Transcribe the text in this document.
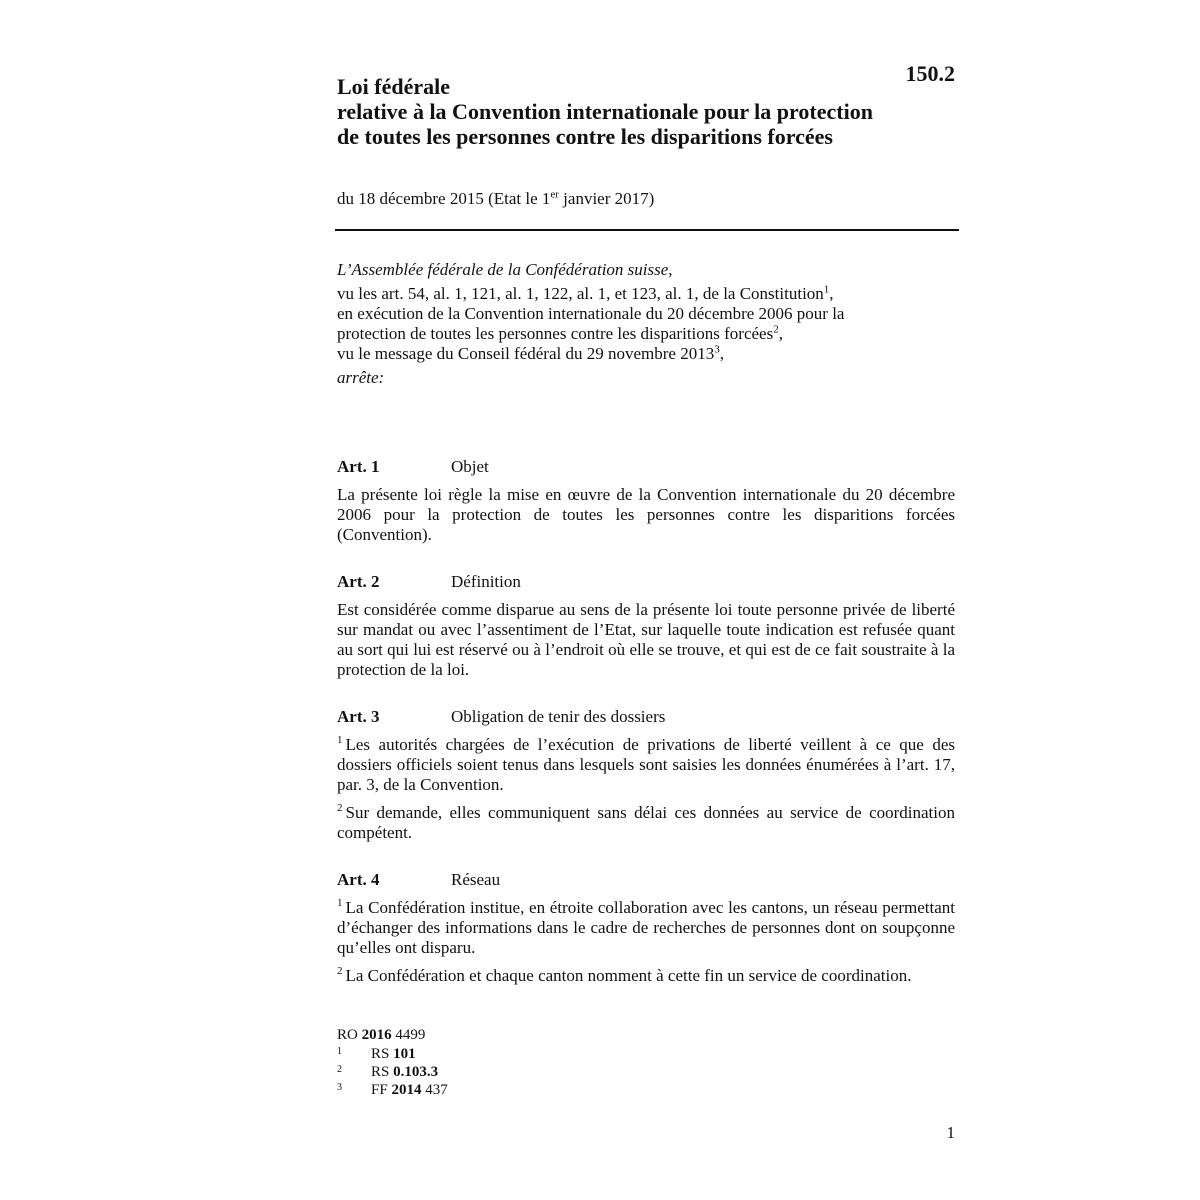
150.2
Loi fédérale
relative à la Convention internationale pour la protection
de toutes les personnes contre les disparitions forcées
du 18 décembre 2015 (Etat le 1er janvier 2017)
L’Assemblée fédérale de la Confédération suisse,
vu les art. 54, al. 1, 121, al. 1, 122, al. 1, et 123, al. 1, de la Constitution$^1$,
en exécution de la Convention internationale du 20 décembre 2006 pour la
protection de toutes les personnes contre les disparitions forcées$^2$,
vu le message du Conseil fédéral du 29 novembre 2013$^3$,
arrête:
Art. 1	Objet

La présente loi règle la mise en œuvre de la Convention internationale du 20 décembre 2006 pour la protection de toutes les personnes contre les disparitions forcées (Convention).

Art. 2	Définition

Est considérée comme disparue au sens de la présente loi toute personne privée de liberté sur mandat ou avec l’assentiment de l’Etat, sur laquelle toute indication est refusée quant au sort qui lui est réservé ou à l’endroit où elle se trouve, et qui est de ce fait soustraite à la protection de la loi.

Art. 3	Obligation de tenir des dossiers

$^1$ Les autorités chargées de l’exécution de privations de liberté veillent à ce que des dossiers officiels soient tenus dans lesquels sont saisies les données énumérées à l’art. 17, par. 3, de la Convention.

$^2$ Sur demande, elles communiquent sans délai ces données au service de coordination compétent.

Art. 4	Réseau

$^1$ La Confédération institue, en étroite collaboration avec les cantons, un réseau permettant d’échanger des informations dans le cadre de recherches de personnes dont on soupçonne qu’elles ont disparu.

$^2$ La Confédération et chaque canton nomment à cette fin un service de coordination.

RO 2016 4499
1	RS 101
2	RS 0.103.3
3	FF 2014 437
1
